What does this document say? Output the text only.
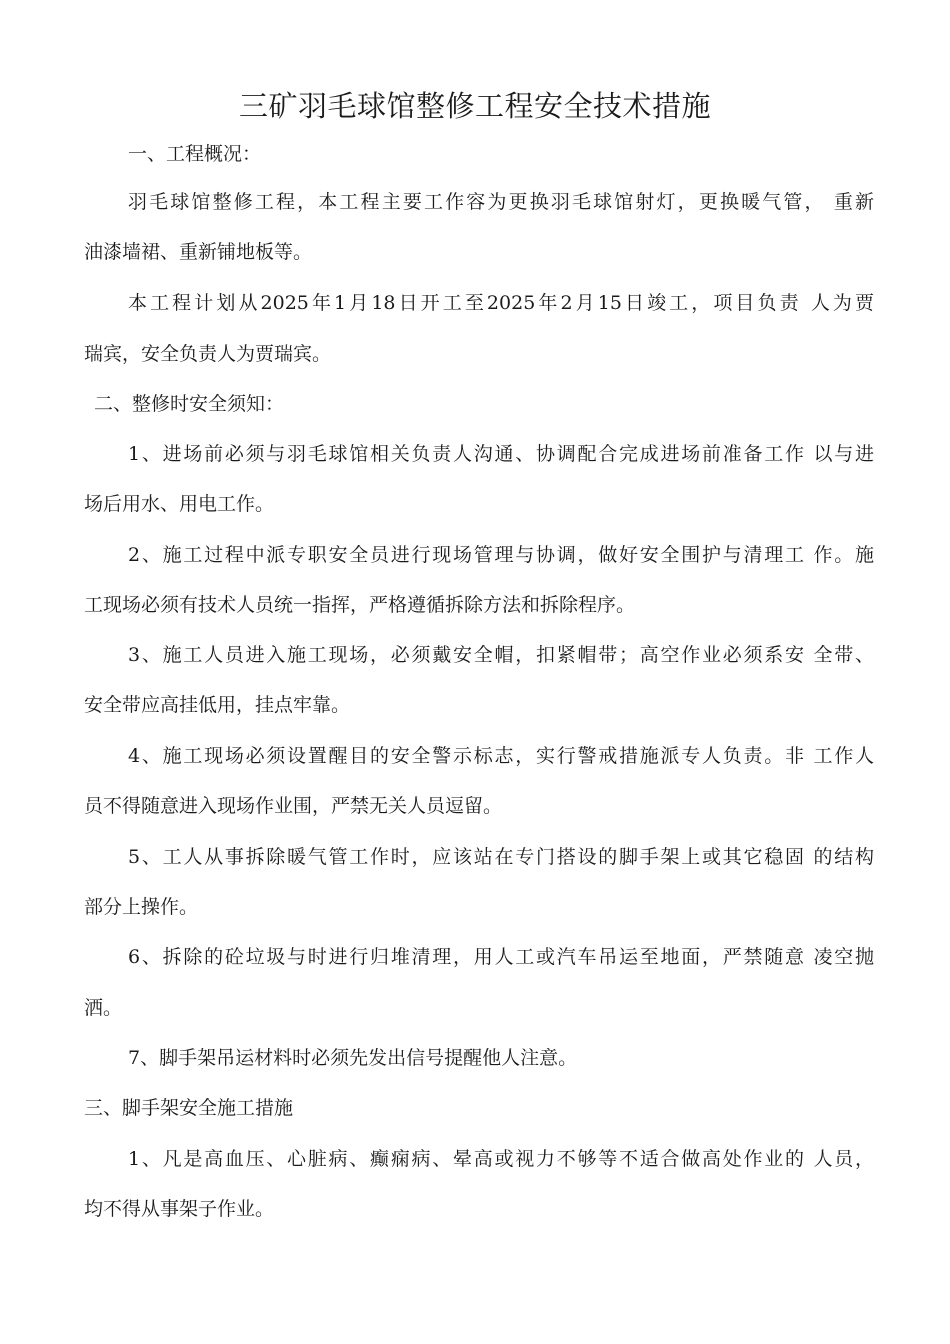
三矿羽毛球馆整修工程安全技术措施
一、工程概况：
羽毛球馆整修工程，本工程主要工作容为更换羽毛球馆射灯，更换暖气管， 重新
油漆墙裙、重新铺地板等。
本工程计划从2025年1月18日开工至2025年2月15日竣工，项目负责 人为贾
瑞宾，安全负责人为贾瑞宾。
二、整修时安全须知：
1、进场前必须与羽毛球馆相关负责人沟通、协调配合完成进场前准备工作 以与进
场后用水、用电工作。
2、施工过程中派专职安全员进行现场管理与协调，做好安全围护与清理工 作。施
工现场必须有技术人员统一指挥，严格遵循拆除方法和拆除程序。
3、施工人员进入施工现场，必须戴安全帽，扣紧帽带；高空作业必须系安 全带、
安全带应高挂低用，挂点牢靠。
4、施工现场必须设置醒目的安全警示标志，实行警戒措施派专人负责。非 工作人
员不得随意进入现场作业围，严禁无关人员逗留。
5、工人从事拆除暖气管工作时，应该站在专门搭设的脚手架上或其它稳固 的结构
部分上操作。
6、拆除的砼垃圾与时进行归堆清理，用人工或汽车吊运至地面，严禁随意 凌空抛
洒。
7、脚手架吊运材料时必须先发出信号提醒他人注意。
三、脚手架安全施工措施
1、凡是高血压、心脏病、癫痫病、晕高或视力不够等不适合做高处作业的 人员，
均不得从事架子作业。
